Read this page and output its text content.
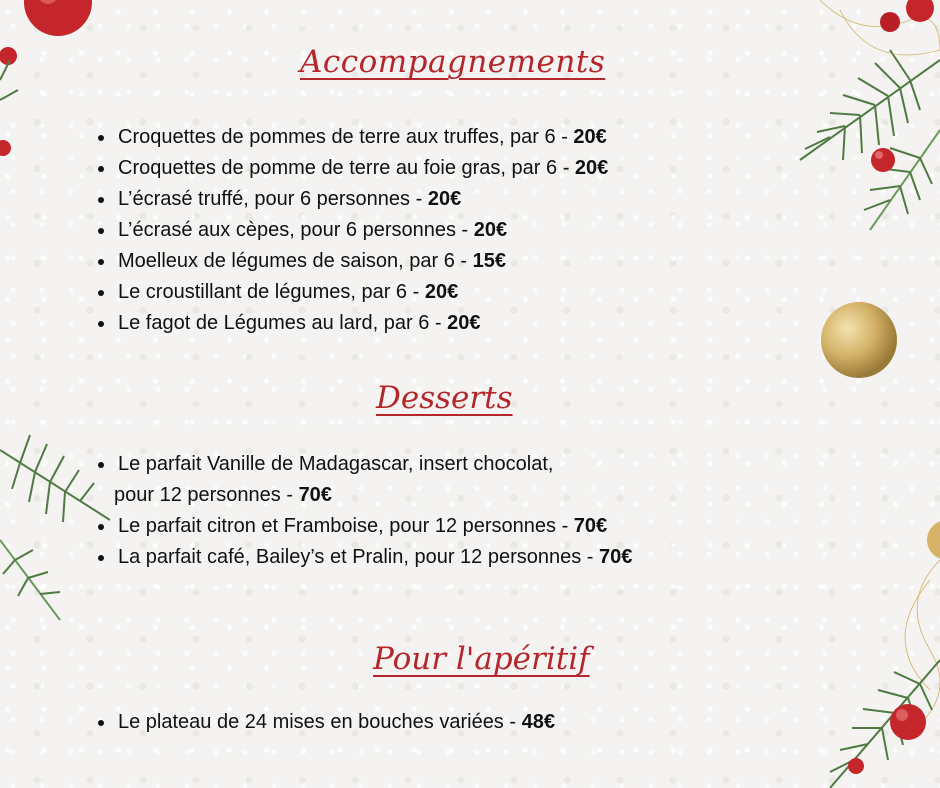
Accompagnements
Croquettes de pommes de terre aux truffes, par 6 - 20€
Croquettes de pomme de terre au foie gras, par 6 - 20€
L’écrasé truffé, pour 6 personnes - 20€
L’écrasé aux cèpes, pour 6 personnes - 20€
Moelleux de légumes de saison, par 6 - 15€
Le croustillant de légumes, par 6 - 20€
Le fagot de Légumes au lard, par 6 - 20€
Desserts
Le parfait Vanille de Madagascar, insert chocolat,
pour 12 personnes - 70€
Le parfait citron et Framboise, pour 12 personnes - 70€
La parfait café, Bailey’s et Pralin, pour 12 personnes - 70€
Pour l'apéritif
Le plateau de 24 mises en bouches variées - 48€
